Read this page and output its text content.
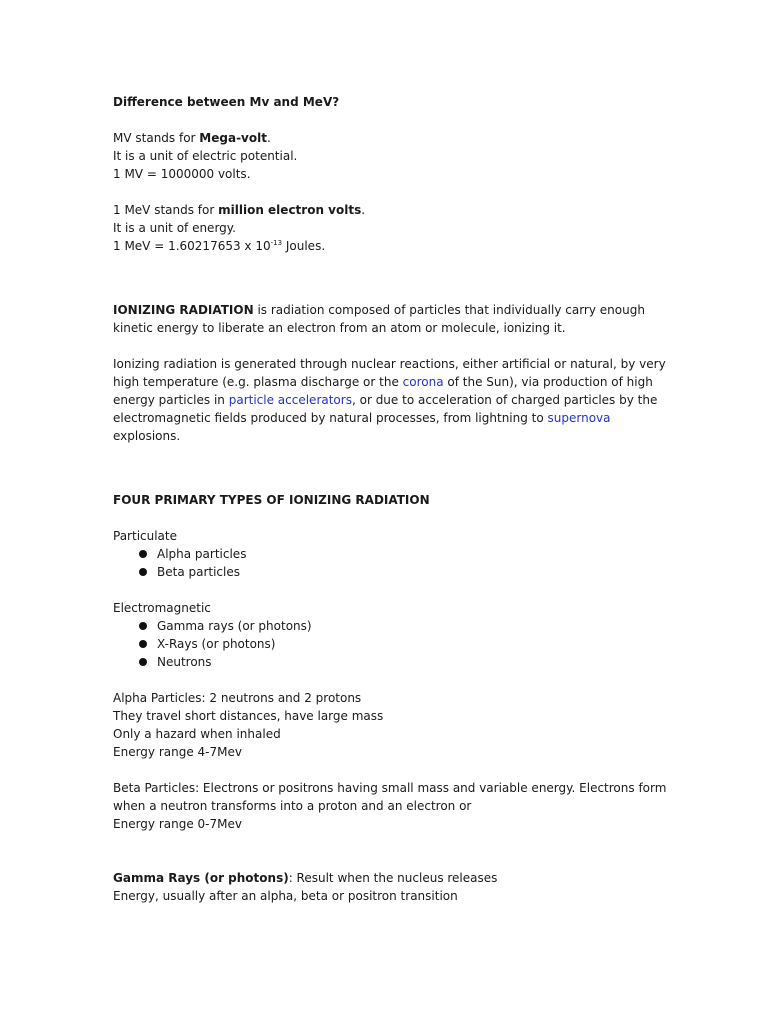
Difference between Mv and MeV?

MV stands for Mega-volt.

It is a unit of electric potential.

1 MV = 1000000 volts.

1 MeV stands for million electron volts.

It is a unit of energy.

1 MeV = 1.60217653 x $10^{-13}$ Joules.

IONIZING RADIATION is radiation composed of particles that individually carry enough kinetic energy to liberate an electron from an atom or molecule, ionizing it.

Ionizing radiation is generated through nuclear reactions, either artificial or natural, by very high temperature (e.g. plasma discharge or the corona of the Sun), via production of high energy particles in particle accelerators, or due to acceleration of charged particles by the electromagnetic fields produced by natural processes, from lightning to supernova explosions.

FOUR PRIMARY TYPES OF IONIZING RADIATION

Particulate

Alpha particles
Beta particles

Electromagnetic

Gamma rays (or photons)
X-Rays (or photons)
Neutrons

Alpha Particles: 2 neutrons and 2 protons

They travel short distances, have large mass

Only a hazard when inhaled

Energy range 4-7Mev

Beta Particles: Electrons or positrons having small mass and variable energy. Electrons form

when a neutron transforms into a proton and an electron or

Energy range 0-7Mev

Gamma Rays (or photons): Result when the nucleus releases

Energy, usually after an alpha, beta or positron transition
